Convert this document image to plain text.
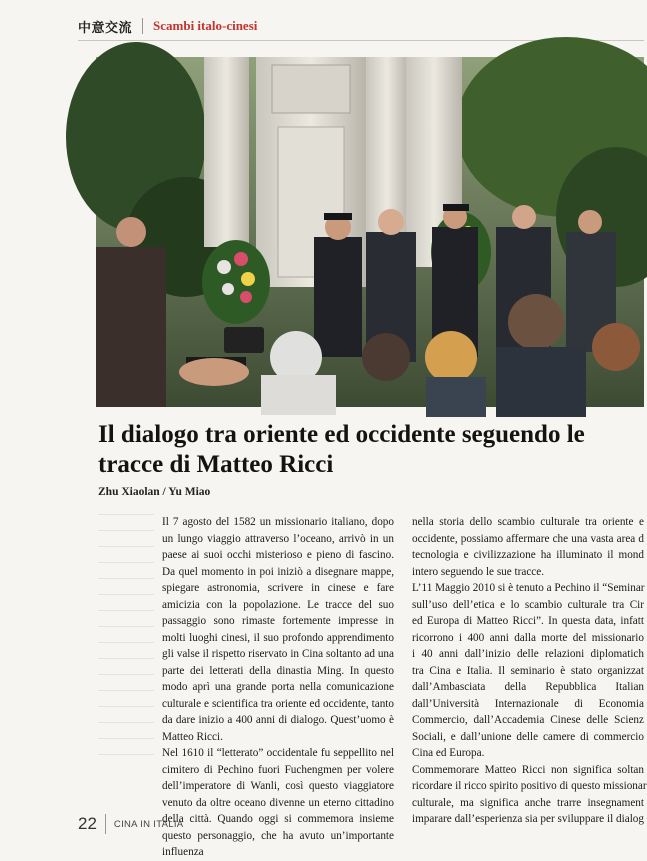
中意交流 Scambi italo-cinesi
Il dialogo tra oriente ed occidente seguendo le tracce di Matteo Ricci

Zhu Xiaolan / Yu Miao

Il 7 agosto del 1582 un missionario italiano, dopo un lungo viaggio attraverso l’oceano, arrivò in un paese ai suoi occhi misterioso e pieno di fascino. Da quel momento in poi iniziò a disegnare mappe, spiegare astronomia, scrivere in cinese e fare amicizia con la popolazione. Le tracce del suo passaggio sono rimaste fortemente impresse in molti luoghi cinesi, il suo profondo apprendimento gli valse il rispetto riservato in Cina soltanto ad una parte dei letterati della dinastia Ming. In questo modo aprì una grande porta nella comunicazione culturale e scientifica tra oriente ed occidente, tanto da dare inizio a 400 anni di dialogo. Quest’uomo è Matteo Ricci.

Nel 1610 il “letterato” occidentale fu seppellito nel cimitero di Pechino fuori Fuchengmen per volere dell’imperatore di Wanli, così questo viaggiatore venuto da oltre oceano divenne un eterno cittadino della città. Quando oggi si commemora insieme questo personaggio, che ha avuto un’importante influenza

nella storia dello scambio culturale tra oriente e
occidente, possiamo affermare che una vasta area d
tecnologia e civilizzazione ha illuminato il mond
intero seguendo le sue tracce.
L’11 Maggio 2010 si è tenuto a Pechino il “Seminar
sull’uso dell’etica e lo scambio culturale tra Cir
ed Europa di Matteo Ricci”. In questa data, infatt
ricorrono i 400 anni dalla morte del missionario
i 40 anni dall’inizio delle relazioni diplomatich
tra Cina e Italia. Il seminario è stato organizzat
dall’Ambasciata della Repubblica Italian
dall’Università Internazionale di Economia
Commercio, dall’Accademia Cinese delle Scienz
Sociali, e dall’unione delle camere di commercio
Cina ed Europa.
Commemorare Matteo Ricci non significa soltan
ricordare il ricco spirito positivo di questo missionar
culturale, ma significa anche trarre insegnament
imparare dall’esperienza sia per sviluppare il dialog
22 CINA IN ITALIA
